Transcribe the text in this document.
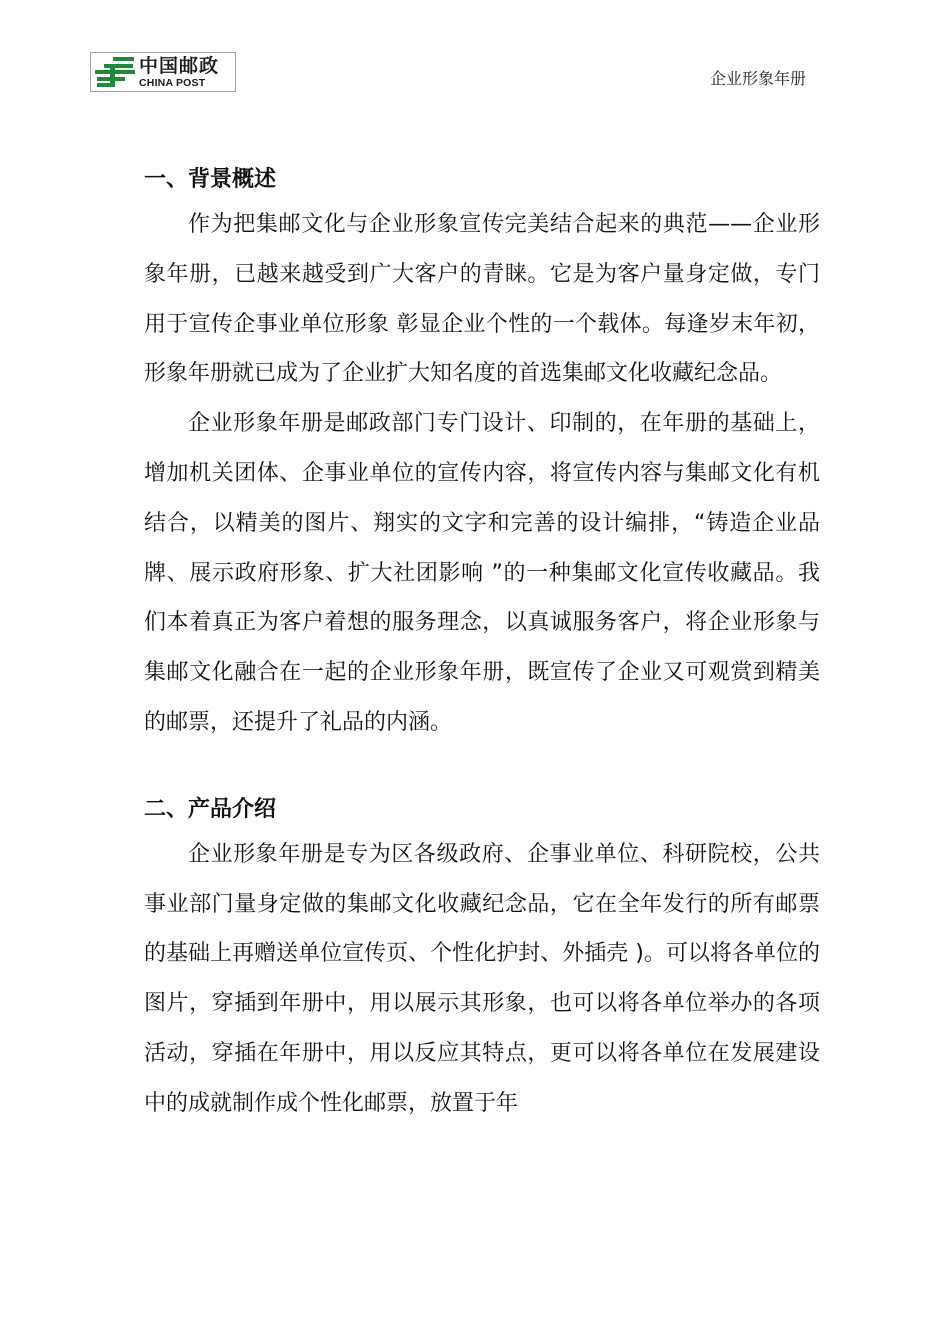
中国邮政
CHINA POST	企业形象年册
一、背景概述

作为把集邮文化与企业形象宣传完美结合起来的典范——企业形象年册，已越来越受到广大客户的青睐。它是为客户量身定做，专门用于宣传企事业单位形象 彰显企业个性的一个载体。每逢岁末年初，形象年册就已成为了企业扩大知名度的首选集邮文化收藏纪念品。

企业形象年册是邮政部门专门设计、印制的，在年册的基础上，增加机关团体、企事业单位的宣传内容，将宣传内容与集邮文化有机结合，以精美的图片、翔实的文字和完善的设计编排，“铸造企业品牌、展示政府形象、扩大社团影响 ”的一种集邮文化宣传收藏品。我们本着真正为客户着想的服务理念，以真诚服务客户，将企业形象与集邮文化融合在一起的企业形象年册，既宣传了企业又可观赏到精美的邮票，还提升了礼品的内涵。

二、产品介绍

企业形象年册是专为区各级政府、企事业单位、科研院校，公共事业部门量身定做的集邮文化收藏纪念品，它在全年发行的所有邮票的基础上再赠送单位宣传页、个性化护封、外插壳 )。可以将各单位的图片，穿插到年册中，用以展示其形象，也可以将各单位举办的各项活动，穿插在年册中，用以反应其特点，更可以将各单位在发展建设中的成就制作成个性化邮票，放置于年
